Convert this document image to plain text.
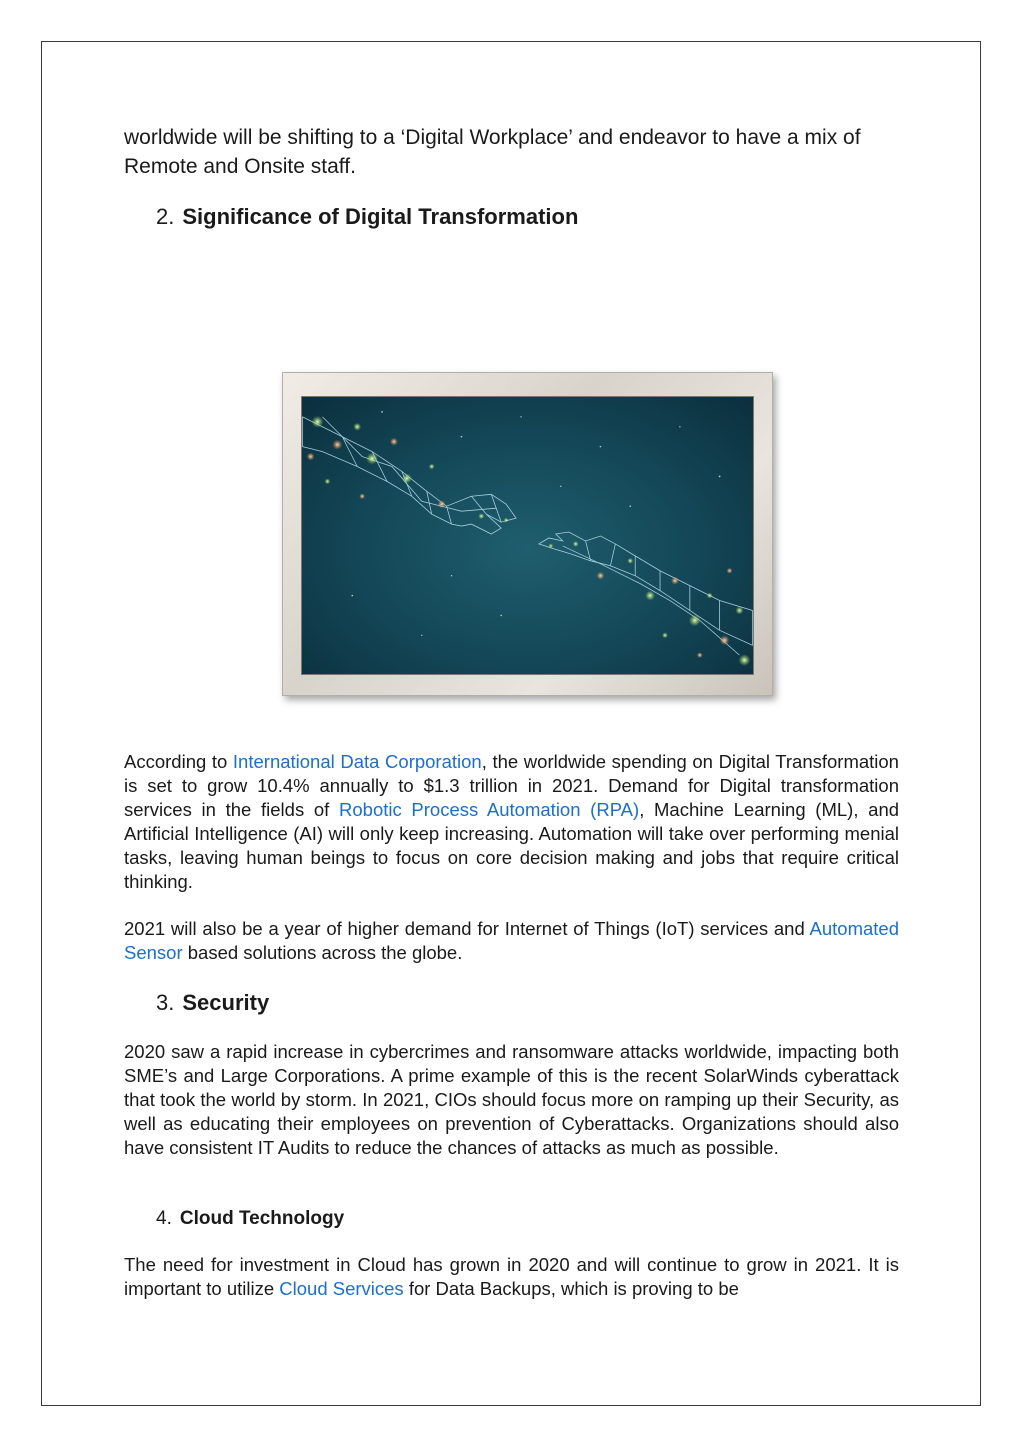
worldwide will be shifting to a ‘Digital Workplace’ and endeavor to have a mix of Remote and Onsite staff.

2. Significance of Digital Transformation

According to International Data Corporation, the worldwide spending on Digital Transformation is set to grow 10.4% annually to $1.3 trillion in 2021. Demand for Digital transformation services in the fields of Robotic Process Automation (RPA), Machine Learning (ML), and Artificial Intelligence (AI) will only keep increasing. Automation will take over performing menial tasks, leaving human beings to focus on core decision making and jobs that require critical thinking.

2021 will also be a year of higher demand for Internet of Things (IoT) services and Automated Sensor based solutions across the globe.

3. Security

2020 saw a rapid increase in cybercrimes and ransomware attacks worldwide, impacting both SME’s and Large Corporations. A prime example of this is the recent SolarWinds cyberattack that took the world by storm. In 2021, CIOs should focus more on ramping up their Security, as well as educating their employees on prevention of Cyberattacks. Organizations should also have consistent IT Audits to reduce the chances of attacks as much as possible.

4. Cloud Technology

The need for investment in Cloud has grown in 2020 and will continue to grow in 2021. It is important to utilize Cloud Services for Data Backups, which is proving to be
